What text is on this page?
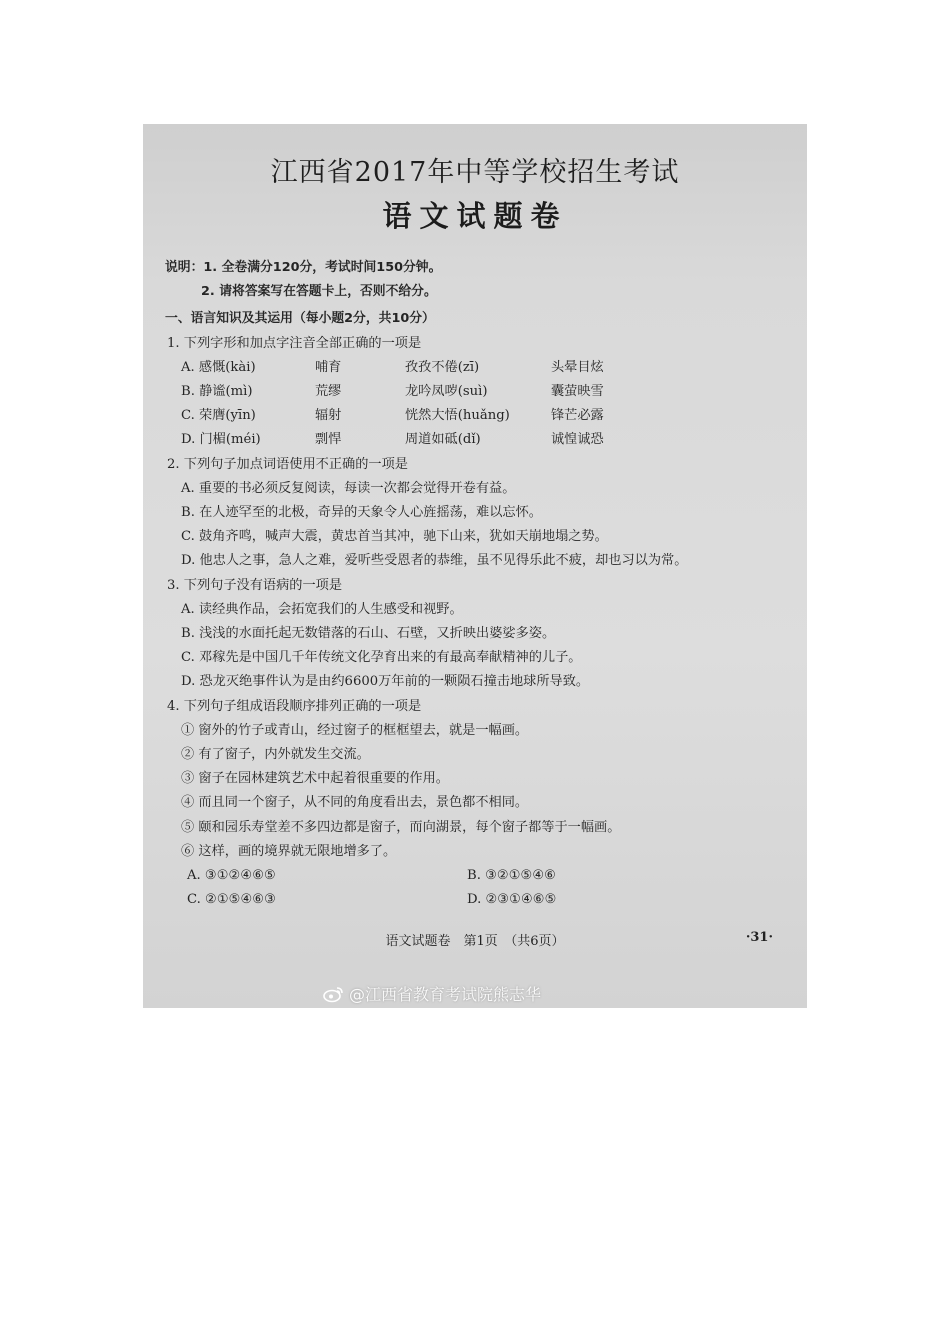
江西省2017年中等学校招生考试
语文试题卷
说明：1. 全卷满分120分，考试时间150分钟。
2. 请将答案写在答题卡上，否则不给分。
一、语言知识及其运用（每小题2分，共10分）
1. 下列字形和加点字注音全部正确的一项是
A. 感慨(kài)	哺育	孜孜不倦(zī)	头晕目炫
B. 静谧(mì)	荒缪	龙吟凤哕(suì)	囊萤映雪
C. 荣膺(yīn)	辐射	恍然大悟(huǎng)	锋芒必露
D. 门楣(méi)	剽悍	周道如砥(dǐ)	诚惶诚恐
2. 下列句子加点词语使用不正确的一项是
A. 重要的书必须反复阅读，每读一次都会觉得开卷有益。
B. 在人迹罕至的北极，奇异的天象令人心旌摇荡，难以忘怀。
C. 鼓角齐鸣，喊声大震，黄忠首当其冲，驰下山来，犹如天崩地塌之势。
D. 他忠人之事，急人之难，爱听些受恩者的恭维，虽不见得乐此不疲，却也习以为常。
3. 下列句子没有语病的一项是
A. 读经典作品，会拓宽我们的人生感受和视野。
B. 浅浅的水面托起无数错落的石山、石壁，又折映出婆娑多姿。
C. 邓稼先是中国几千年传统文化孕育出来的有最高奉献精神的儿子。
D. 恐龙灭绝事件认为是由约6600万年前的一颗陨石撞击地球所导致。
4. 下列句子组成语段顺序排列正确的一项是
① 窗外的竹子或青山，经过窗子的框框望去，就是一幅画。
② 有了窗子，内外就发生交流。
③ 窗子在园林建筑艺术中起着很重要的作用。
④ 而且同一个窗子，从不同的角度看出去，景色都不相同。
⑤ 颐和园乐寿堂差不多四边都是窗子，而向湖景，每个窗子都等于一幅画。
⑥ 这样，画的境界就无限地增多了。
A. ③①②④⑥⑤	B. ③②①⑤④⑥
C. ②①⑤④⑥③	D. ②③①④⑥⑤
语文试题卷　第1页　（共6页）	·31·
@江西省教育考试院熊志华
